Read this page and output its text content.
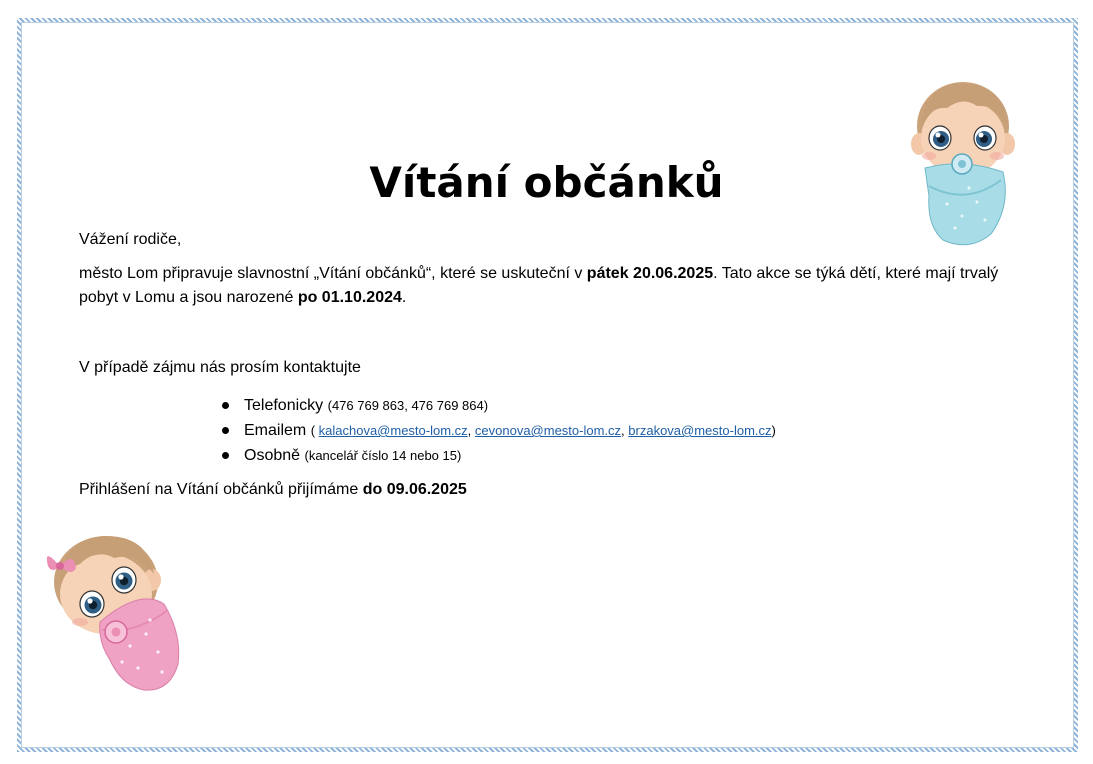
Vítání občánků

Vážení rodiče,

město Lom připravuje slavnostní „Vítání občánků“, které se uskuteční v pátek 20.06.2025. Tato akce se týká dětí, které mají trvalý pobyt v Lomu a jsou narozené po 01.10.2024.

V případě zájmu nás prosím kontaktujte

Telefonicky (476 769 863, 476 769 864)
Emailem ( kalachova@mesto-lom.cz, cevonova@mesto-lom.cz, brzakova@mesto-lom.cz)
Osobně (kancelář číslo 14 nebo 15)

Přihlášení na Vítání občánků přijímáme do 09.06.2025
